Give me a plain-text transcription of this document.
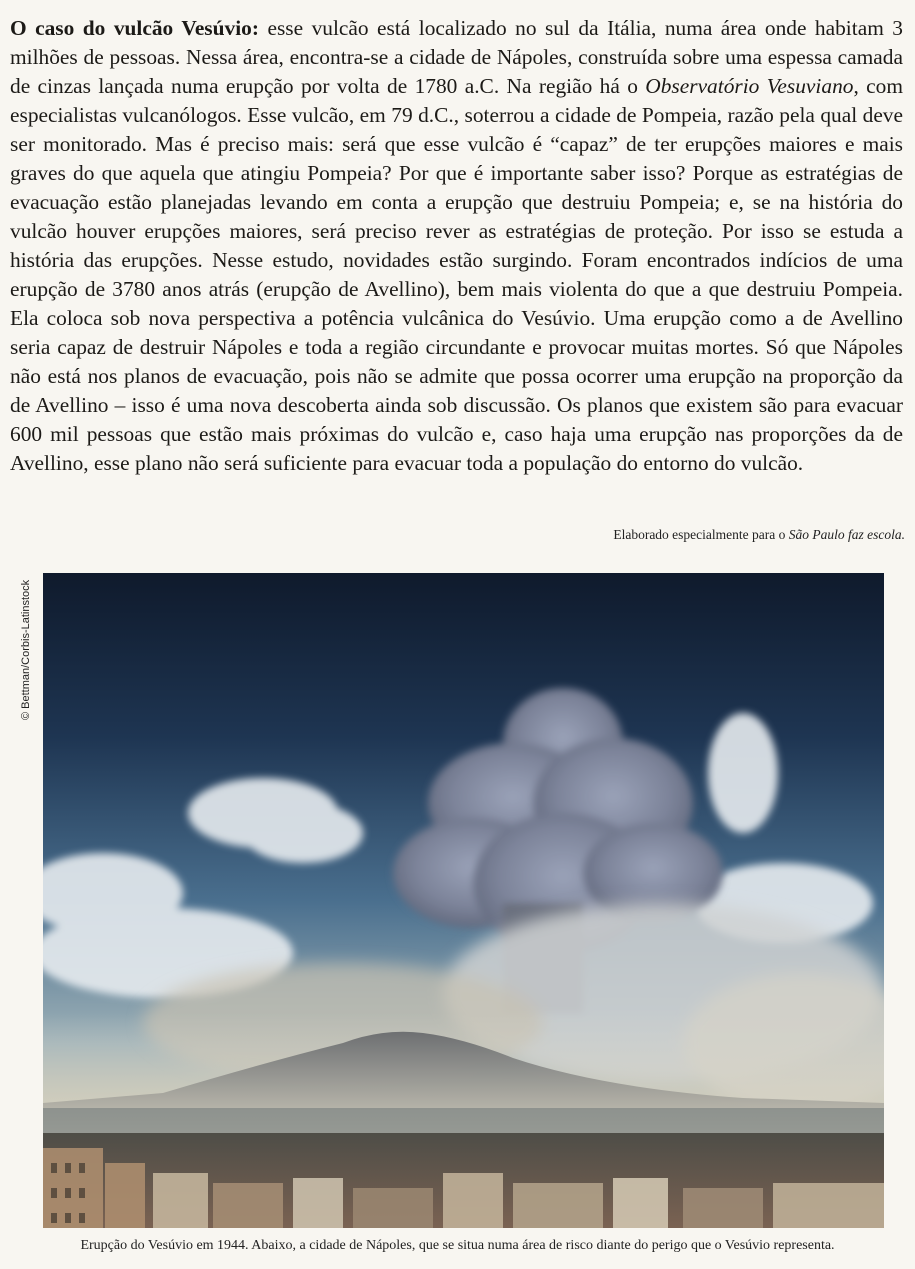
O caso do vulcão Vesúvio: esse vulcão está localizado no sul da Itália, numa área onde habitam 3 milhões de pessoas. Nessa área, encontra-se a cidade de Nápoles, construída sobre uma espessa camada de cinzas lançada numa erupção por volta de 1780 a.C. Na região há o Observatório Vesuviano, com especialistas vulcanólogos. Esse vulcão, em 79 d.C., soterrou a cidade de Pompeia, razão pela qual deve ser monitorado. Mas é preciso mais: será que esse vulcão é “capaz” de ter erupções maiores e mais graves do que aquela que atingiu Pompeia? Por que é importante saber isso? Porque as estratégias de evacuação estão planejadas levando em conta a erupção que destruiu Pompeia; e, se na história do vulcão houver erupções maiores, será preciso rever as estratégias de proteção. Por isso se estuda a história das erupções. Nesse estudo, novidades estão surgindo. Foram encontrados indícios de uma erupção de 3780 anos atrás (erupção de Avellino), bem mais violenta do que a que destruiu Pompeia. Ela coloca sob nova perspectiva a potência vulcânica do Vesúvio. Uma erupção como a de Avellino seria capaz de destruir Nápoles e toda a região circundante e provocar muitas mortes. Só que Nápoles não está nos planos de evacuação, pois não se admite que possa ocorrer uma erupção na proporção da de Avellino – isso é uma nova descoberta ainda sob discussão. Os planos que existem são para evacuar 600 mil pessoas que estão mais próximas do vulcão e, caso haja uma erupção nas proporções da de Avellino, esse plano não será suficiente para evacuar toda a população do entorno do vulcão.

Elaborado especialmente para o São Paulo faz escola.
© Bettman/Corbis-Latinstock
Erupção do Vesúvio em 1944. Abaixo, a cidade de Nápoles, que se situa numa área de risco diante do perigo que o Vesúvio representa.
